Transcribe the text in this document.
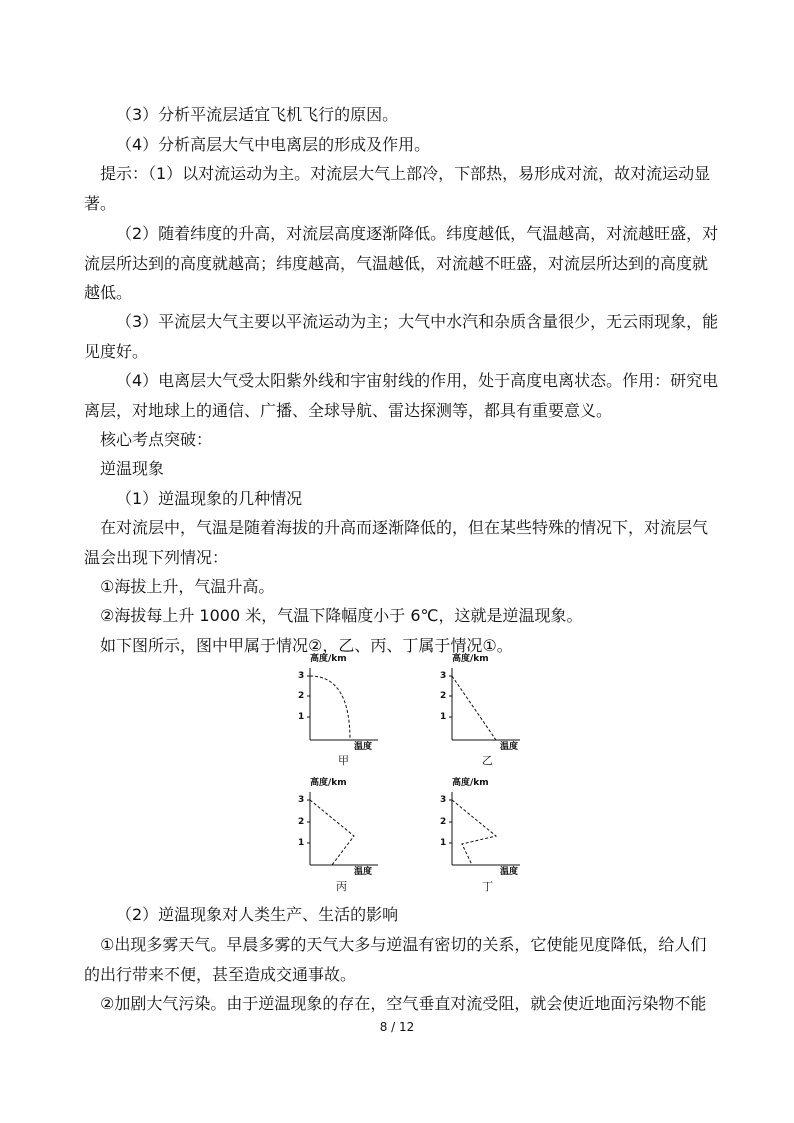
（3）分析平流层适宜飞机飞行的原因。

（4）分析高层大气中电离层的形成及作用。

提示：（1）以对流运动为主。对流层大气上部冷，下部热，易形成对流，故对流运动显著。

（2）随着纬度的升高，对流层高度逐渐降低。纬度越低，气温越高，对流越旺盛，对流层所达到的高度就越高；纬度越高，气温越低，对流越不旺盛，对流层所达到的高度就越低。

（3）平流层大气主要以平流运动为主；大气中水汽和杂质含量很少，无云雨现象，能见度好。

（4）电离层大气受太阳紫外线和宇宙射线的作用，处于高度电离状态。作用：研究电离层，对地球上的通信、广播、全球导航、雷达探测等，都具有重要意义。

核心考点突破：

逆温现象

（1）逆温现象的几种情况

在对流层中，气温是随着海拔的升高而逐渐降低的，但在某些特殊的情况下，对流层气温会出现下列情况：

①海拔上升，气温升高。

②海拔每上升 1000 米，气温下降幅度小于 6℃，这就是逆温现象。

如下图所示，图中甲属于情况②，乙、丙、丁属于情况①。

高度/km
3
2
1
温度
甲
高度/km
3
2
1
温度
乙
高度/km
3
2
1
温度
丙
高度/km
3
2
1
温度
丁

（2）逆温现象对人类生产、生活的影响

①出现多雾天气。早晨多雾的天气大多与逆温有密切的关系，它使能见度降低，给人们的出行带来不便，甚至造成交通事故。

②加剧大气污染。由于逆温现象的存在，空气垂直对流受阻，就会使近地面污染物不能

8 / 12
